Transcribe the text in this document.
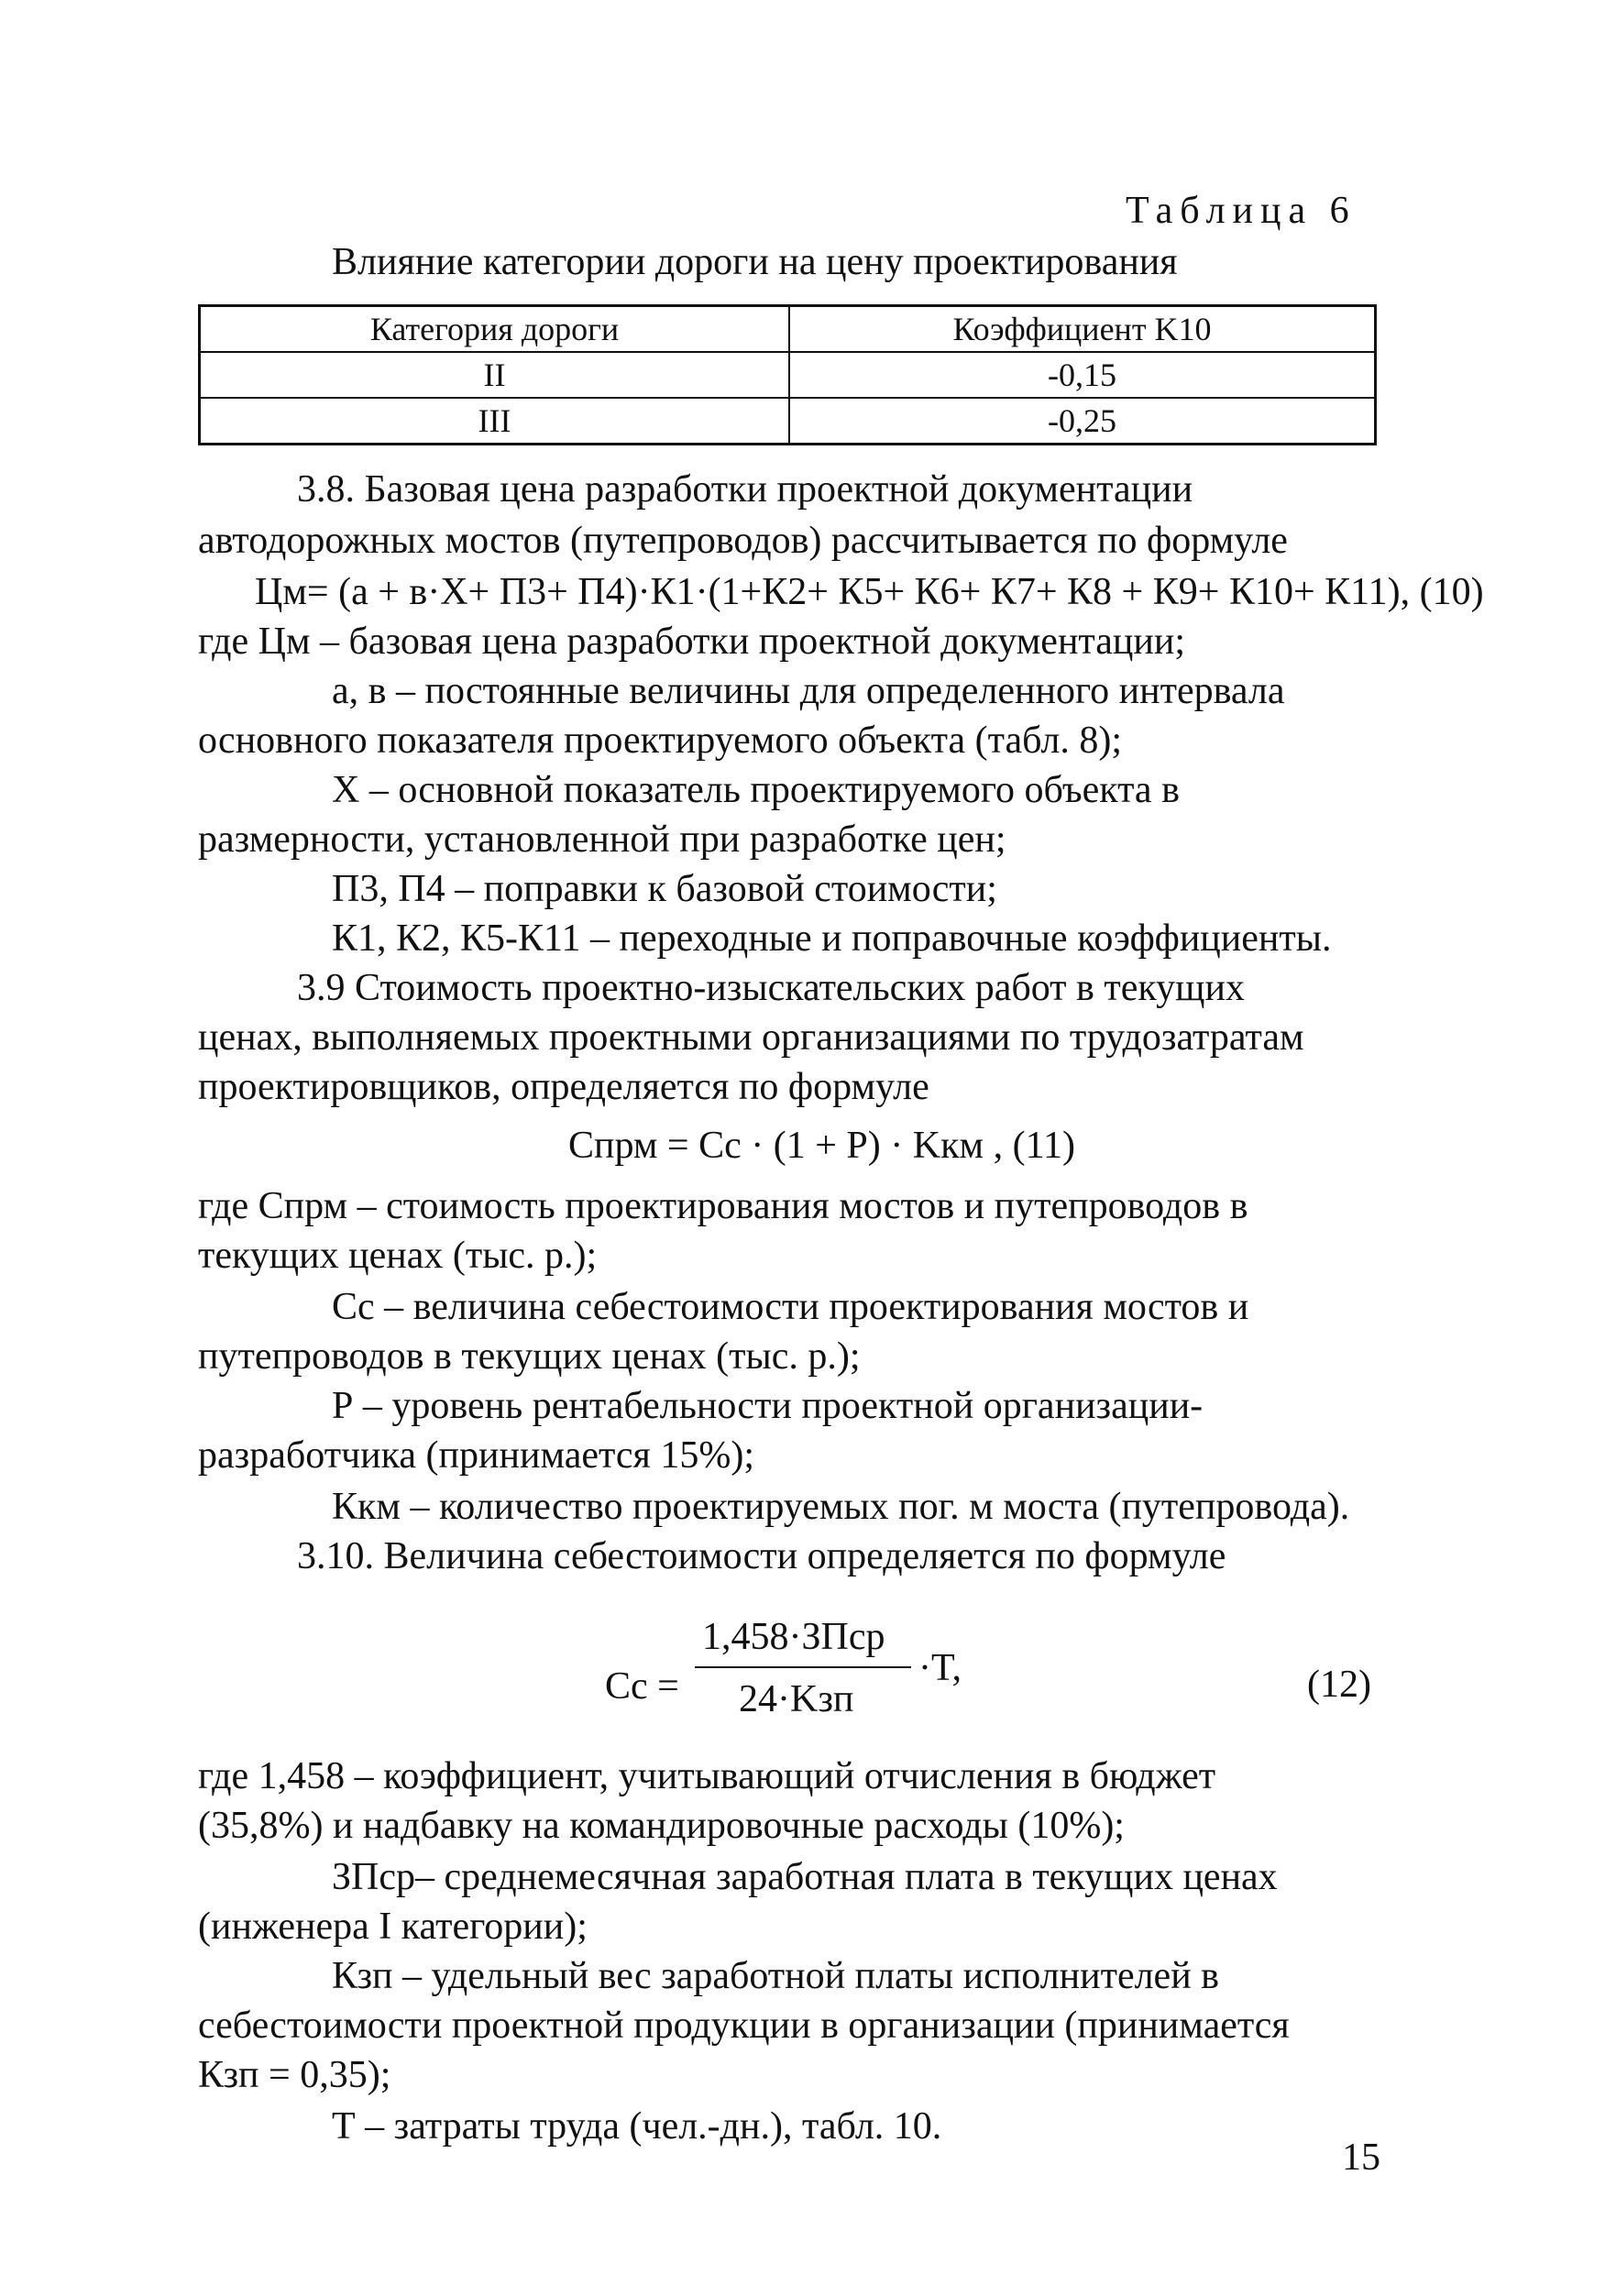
Таблица 6
Влияние категории дороги на цену проектирования
Категория дороги	Коэффициент K10
II	-0,15
III	-0,25
3.8. Базовая цена разработки проектной документации
автодорожных мостов (путепроводов) рассчитывается по формуле
Цм= (а + в·Х+ П3+ П4)·К1·(1+К2+ К5+ К6+ К7+ К8 + К9+ К10+ К11), (10)
где Цм – базовая цена разработки проектной документации;
а, в – постоянные величины для определенного интервала
основного показателя проектируемого объекта (табл. 8);
Х – основной показатель проектируемого объекта в
размерности, установленной при разработке цен;
П3, П4 – поправки к базовой стоимости;
К1, К2, К5-К11 – переходные и поправочные коэффициенты.
3.9 Стоимость проектно-изыскательских работ в текущих
ценах, выполняемых проектными организациями по трудозатратам
проектировщиков, определяется по формуле
Cпрм = Cс · (1 + P) · Kкм , (11)
где Cпрм – стоимость проектирования мостов и путепроводов в
текущих ценах (тыс. р.);
Cс – величина себестоимости проектирования мостов и
путепроводов в текущих ценах (тыс. р.);
Р – уровень рентабельности проектной организации-
разработчика (принимается 15%);
Ккм – количество проектируемых пог. м моста (путепровода).
3.10. Величина себестоимости определяется по формуле
Cс =
1,458·ЗПср
24·Kзп
·T,	(12)
где 1,458 – коэффициент, учитывающий отчисления в бюджет
(35,8%) и надбавку на командировочные расходы (10%);
ЗПср– среднемесячная заработная плата в текущих ценах
(инженера I категории);
Кзп – удельный вес заработной платы исполнителей в
себестоимости проектной продукции в организации (принимается
Кзп = 0,35);
Т – затраты труда (чел.-дн.), табл. 10.
15
